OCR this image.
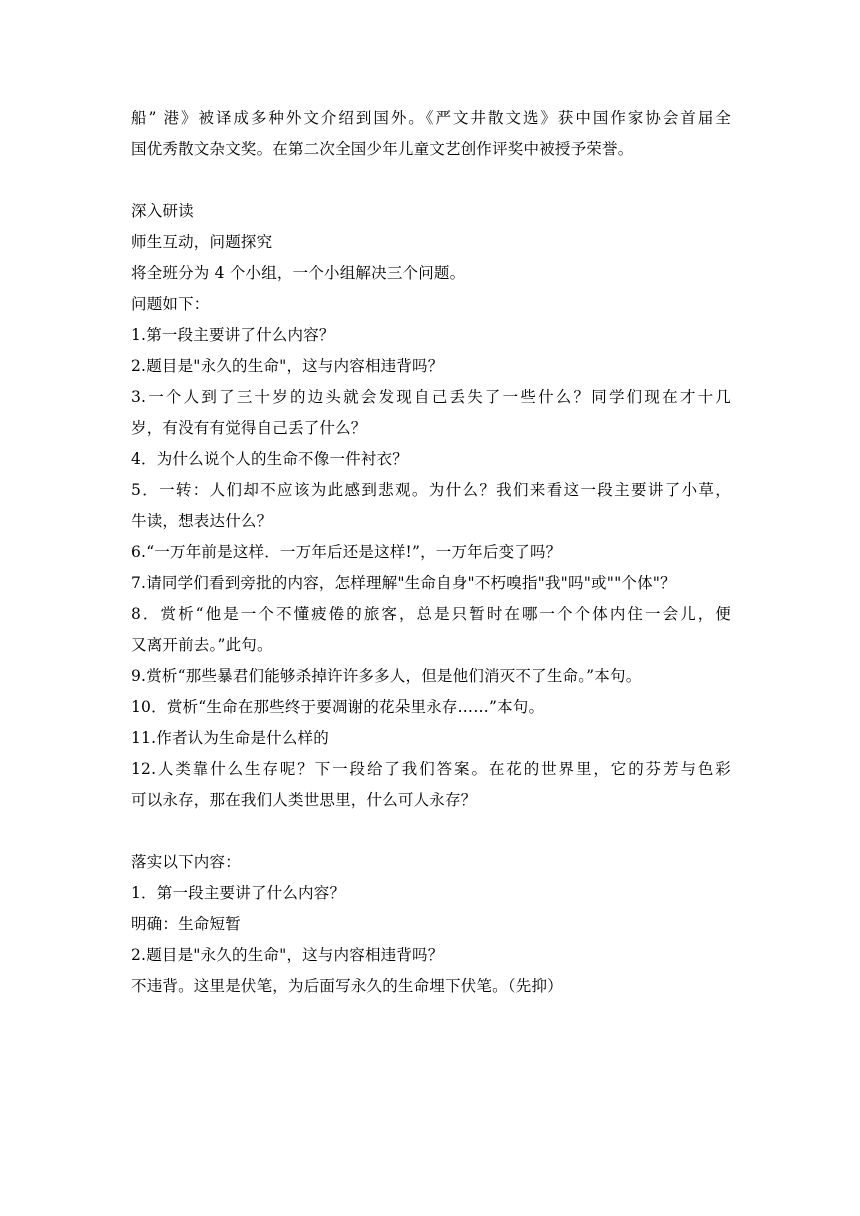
船” 港》被译成多种外文介绍到国外。《严文井散文选》获中国作家协会首届全
国优秀散文杂文奖。在第二次全国少年儿童文艺创作评奖中被授予荣誉。
深入研读
师生互动，问题探究
将全班分为 4 个小组，一个小组解决三个问题。
问题如下：
1.第一段主要讲了什么内容？
2.题目是"永久的生命"，这与内容相违背吗？
3.一个人到了三十岁的边头就会发现自己丢失了一些什么？同学们现在才十几
岁，有没有有觉得自己丢了什么？
4．为什么说个人的生命不像一件衬衣？
5．一转：人们却不应该为此感到悲观。为什么？我们来看这一段主要讲了小草，
牛读，想表达什么？
6.“一万年前是这样．一万年后还是这样!”，一万年后变了吗？
7.请同学们看到旁批的内容，怎样理解"生命自身"不朽嗅指"我"吗"或""个体"？
8．赏析“他是一个不懂疲倦的旅客，总是只暂时在哪一个个体内住一会儿，便
又离开前去。”此句。
9.赏析“那些暴君们能够杀掉许许多多人，但是他们消灭不了生命。”本句。
10．赏析“生命在那些终于要凋谢的花朵里永存……”本句。
11.作者认为生命是什么样的
12.人类靠什么生存呢？下一段给了我们答案。在花的世界里，它的芬芳与色彩
可以永存，那在我们人类世思里，什么可人永存？
落实以下内容：
1．第一段主要讲了什么内容？
明确：生命短暂
2.题目是"永久的生命"，这与内容相违背吗？
不违背。这里是伏笔，为后面写永久的生命埋下伏笔。（先抑）
